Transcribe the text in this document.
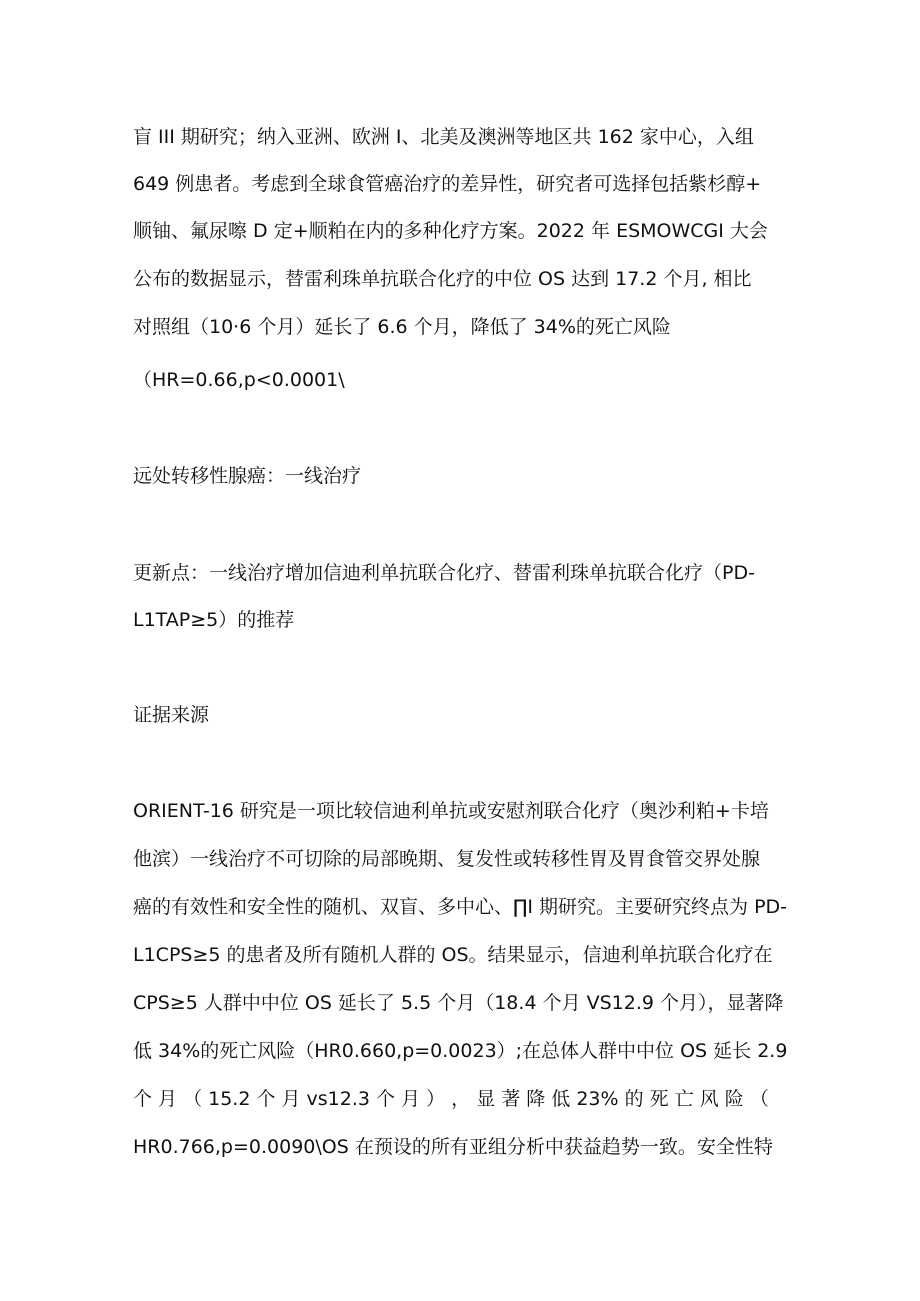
盲 III 期研究；纳入亚洲、欧洲 I、北美及澳洲等地区共 162 家中心，入组
649 例患者。考虑到全球食管癌治疗的差异性，研究者可选择包括紫杉醇+
顺铀、氟尿嚓 D 定+顺粕在内的多种化疗方案。2022 年 ESMOWCGI 大会
公布的数据显示，替雷利珠单抗联合化疗的中位 OS 达到 17.2 个月, 相比
对照组（10·6 个月）延长了 6.6 个月，降低了 34%的死亡风险
（HR=0.66,p<0.0001\
远处转移性腺癌：一线治疗
更新点：一线治疗增加信迪利单抗联合化疗、替雷利珠单抗联合化疗（PD-
L1TAP≥5）的推荐
证据来源
ORIENT-16 研究是一项比较信迪利单抗或安慰剂联合化疗（奥沙利粕+卡培
他滨）一线治疗不可切除的局部晚期、复发性或转移性胃及胃食管交界处腺
癌的有效性和安全性的随机、双盲、多中心、∏I 期研究。主要研究终点为 PD-
L1CPS≥5 的患者及所有随机人群的 OS。结果显示，信迪利单抗联合化疗在
CPS≥5 人群中中位 OS 延长了 5.5 个月（18.4 个月 VS12.9 个月），显著降
低 34%的死亡风险（HR0.660,p=0.0023）;在总体人群中中位 OS 延长 2.9
个 月 （ 15.2 个 月 vs12.3 个 月 ） ， 显 著 降 低 23% 的 死 亡 风 险 （
HR0.766,p=0.0090\OS 在预设的所有亚组分析中获益趋势一致。安全性特
